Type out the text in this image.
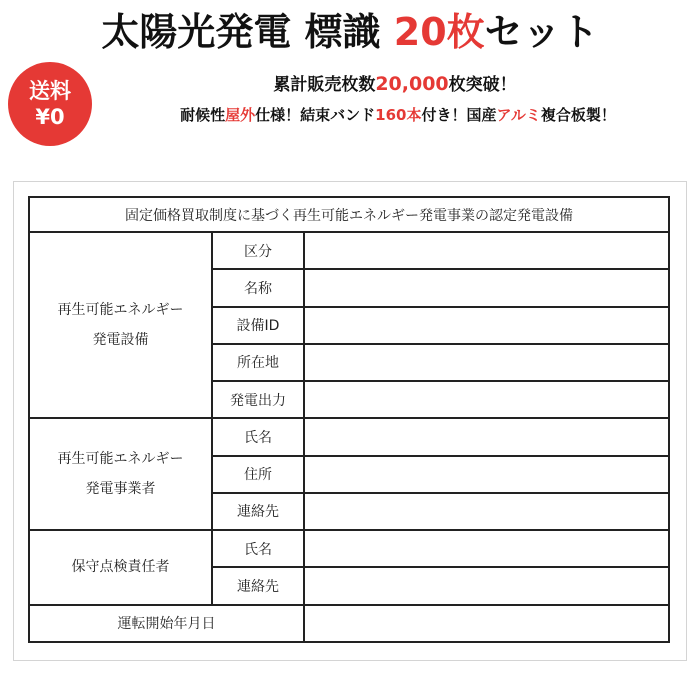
太陽光発電 標識 20枚セット
送料
¥0
累計販売枚数20,000枚突破！
耐候性屋外仕様！結束バンド160本付き！国産アルミ複合板製！
固定価格買取制度に基づく再生可能エネルギー発電事業の認定発電設備		
再生可能エネルギー
発電設備	区分	
	名称	
	設備ID	
	所在地	
	発電出力	
再生可能エネルギー
発電事業者	氏名	
	住所	
	連絡先	
保守点検責任者	氏名	
	連絡先	
運転開始年月日		
